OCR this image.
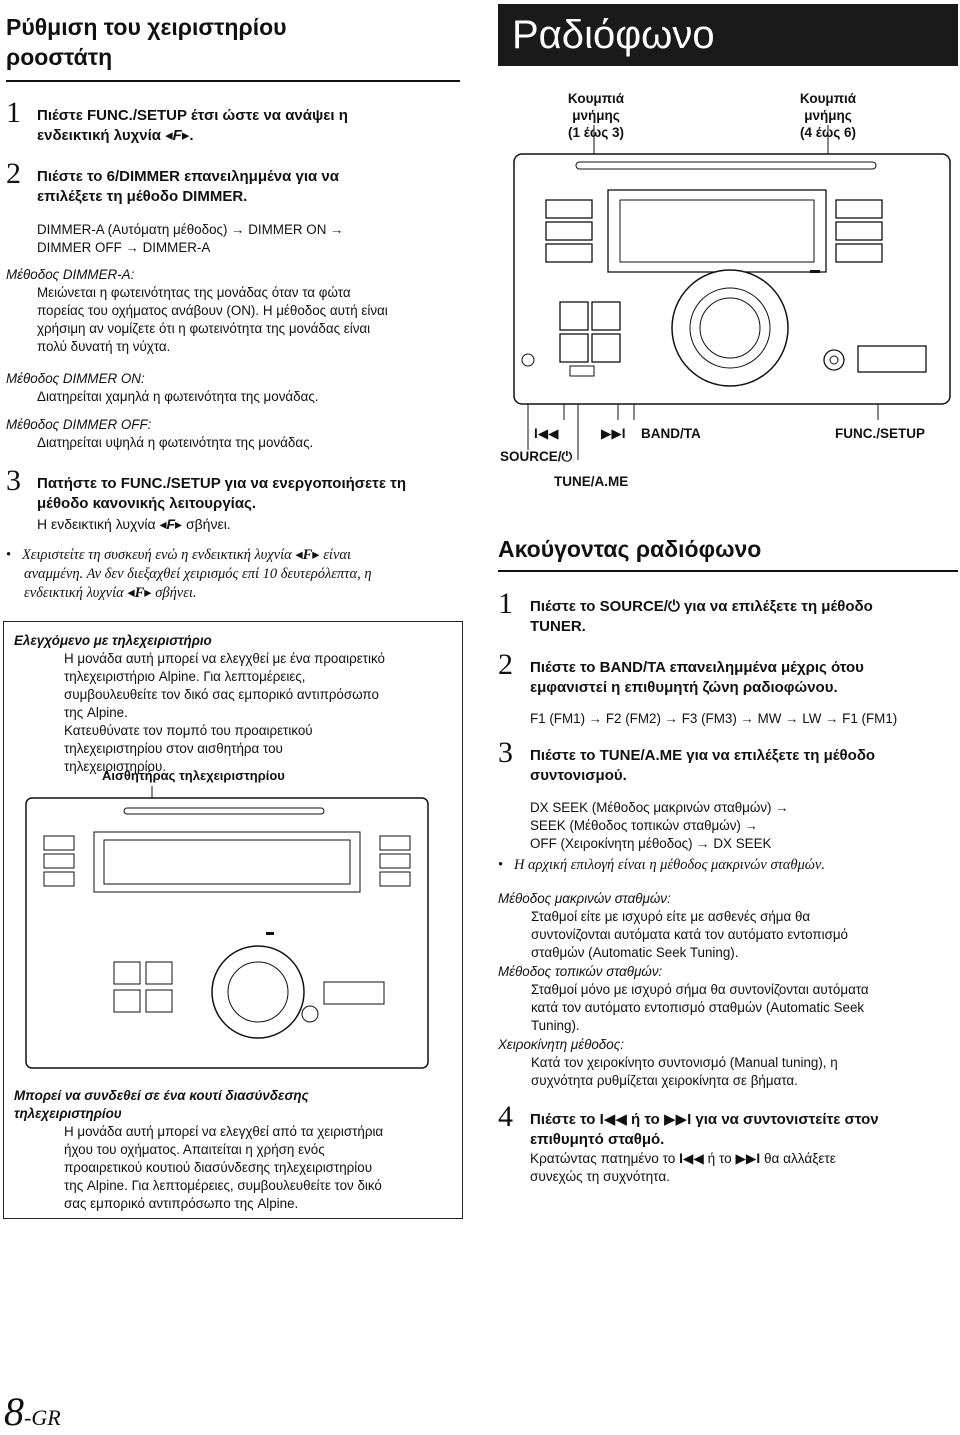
Ρύθμιση του χειριστηρίου
ροοστάτη
1 Πιέστε FUNC./SETUP έτσι ώστε να ανάψει η
ενδεικτική λυχνία ◂F▸.
2 Πιέστε το 6/DIMMER επανειλημμένα για να
επιλέξετε τη μέθοδο DIMMER.
DIMMER-A (Αυτόματη μέθοδος) → DIMMER ON →
DIMMER OFF → DIMMER-A
Μέθοδος DIMMER-A:
Μειώνεται η φωτεινότητας της μονάδας όταν τα φώτα
πορείας του οχήματος ανάβουν (ON). Η μέθοδος αυτή είναι
χρήσιμη αν νομίζετε ότι η φωτεινότητα της μονάδας είναι
πολύ δυνατή τη νύχτα.
Μέθοδος DIMMER ON:
Διατηρείται χαμηλά η φωτεινότητα της μονάδας.
Μέθοδος DIMMER OFF:
Διατηρείται υψηλά η φωτεινότητα της μονάδας.
3 Πατήστε το FUNC./SETUP για να ενεργοποιήσετε τη
μέθοδο κανονικής λειτουργίας.
Η ενδεικτική λυχνία ◂F▸ σβήνει.
• Χειριστείτε τη συσκευή ενώ η ενδεικτική λυχνία ◂F▸ είναι
αναμμένη. Αν δεν διεξαχθεί χειρισμός επί 10 δευτερόλεπτα, η
ενδεικτική λυχνία ◂F▸ σβήνει.
Ελεγχόμενο με τηλεχειριστήριο
Η μονάδα αυτή μπορεί να ελεγχθεί με ένα προαιρετικό
τηλεχειριστήριο Alpine. Για λεπτομέρειες,
συμβουλευθείτε τον δικό σας εμπορικό αντιπρόσωπο
της Alpine.
Κατευθύνατε τον πομπό του προαιρετικού
τηλεχειριστηρίου στον αισθητήρα του
τηλεχειριστηρίου.
Αισθητήρας τηλεχειριστηρίου
Μπορεί να συνδεθεί σε ένα κουτί διασύνδεσης
τηλεχειριστηρίου
Η μονάδα αυτή μπορεί να ελεγχθεί από τα χειριστήρια
ήχου του οχήματος. Απαιτείται η χρήση ενός
προαιρετικού κουτιού διασύνδεσης τηλεχειριστηρίου
της Alpine. Για λεπτομέρειες, συμβουλευθείτε τον δικό
σας εμπορικό αντιπρόσωπο της Alpine.
8-GR
Ραδιόφωνο
Κουμπιά μνήμης
(1 έως 3)
Κουμπιά μνήμης
(4 έως 6)
I◀◀	▶▶I BAND/TA	FUNC./SETUP
SOURCE/⏻
TUNE/A.ME
Ακούγοντας ραδιόφωνο
1 Πιέστε το SOURCE/⏻ για να επιλέξετε τη μέθοδο
TUNER.
2 Πιέστε το BAND/TA επανειλημμένα μέχρις ότου
εμφανιστεί η επιθυμητή ζώνη ραδιοφώνου.
F1 (FM1) → F2 (FM2) → F3 (FM3) → MW → LW → F1 (FM1)
3 Πιέστε το TUNE/A.ME για να επιλέξετε τη μέθοδο
συντονισμού.
DX SEEK (Μέθοδος μακρινών σταθμών) →
SEEK (Μέθοδος τοπικών σταθμών) →
OFF (Χειροκίνητη μέθοδος) → DX SEEK
• Η αρχική επιλογή είναι η μέθοδος μακρινών σταθμών.
Μέθοδος μακρινών σταθμών:
Σταθμοί είτε με ισχυρό είτε με ασθενές σήμα θα
συντονίζονται αυτόματα κατά τον αυτόματο εντοπισμό
σταθμών (Automatic Seek Tuning).
Μέθοδος τοπικών σταθμών:
Σταθμοί μόνο με ισχυρό σήμα θα συντονίζονται αυτόματα
κατά τον αυτόματο εντοπισμό σταθμών (Automatic Seek
Tuning).
Χειροκίνητη μέθοδος:
Κατά τον χειροκίνητο συντονισμό (Manual tuning), η
συχνότητα ρυθμίζεται χειροκίνητα σε βήματα.
4 Πιέστε το I◀◀ ή το ▶▶I για να συντονιστείτε στον
επιθυμητό σταθμό.
Κρατώντας πατημένο το I◀◀ ή το ▶▶I θα αλλάξετε
συνεχώς τη συχνότητα.
